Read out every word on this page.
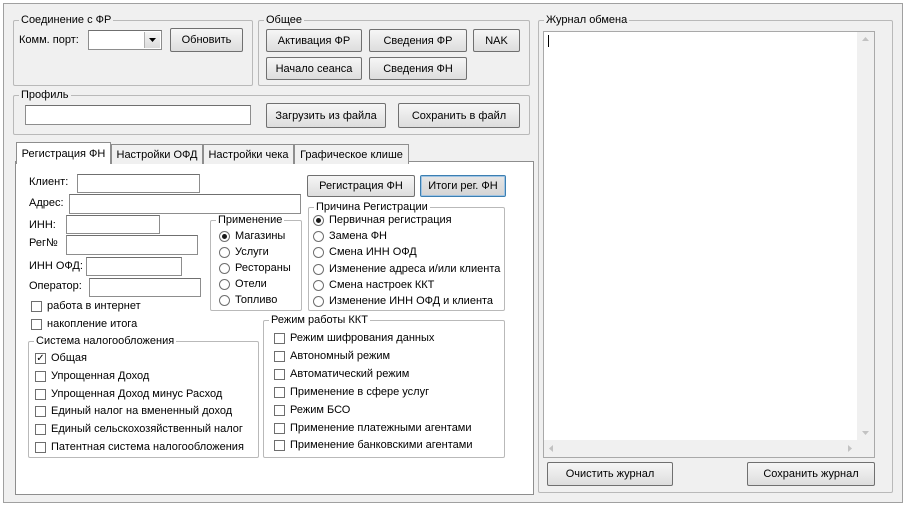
Соединение с ФР
Комм. порт:	Обновить
Общее
Активация ФР	Сведения ФР	NAK
Начало сеанса	Сведения ФН
Профиль
Загрузить из файла	Сохранить в файл
Регистрация ФН	Настройки ОФД Настройки чека	Графическое клише
Клиент:
Адрес:
ИНН:
Рег№
ИНН ОФД:
Оператор:
Регистрация ФН	Итоги рег. ФН
работа в интернет
накопление итога
Применение
Магазины
Услуги
Рестораны
Отели
Топливо
Причина Регистрации
Первичная регистрация
Замена ФН
Смена ИНН ОФД
Изменение адреса и/или клиента
Смена настроек ККТ
Изменение ИНН ОФД и клиента
Система налогообложения
✓ Общая
Упрощенная Доход
Упрощенная Доход минус Расход
Единый налог на вмененный доход
Единый сельскохозяйственный налог
Патентная система налогообложения
Режим работы ККТ
Режим шифрования данных
Автономный режим
Автоматический режим
Применение в сфере услуг
Режим БСО
Применение платежными агентами
Применение банковскими агентами
Журнал обмена
Очистить журнал	Сохранить журнал
